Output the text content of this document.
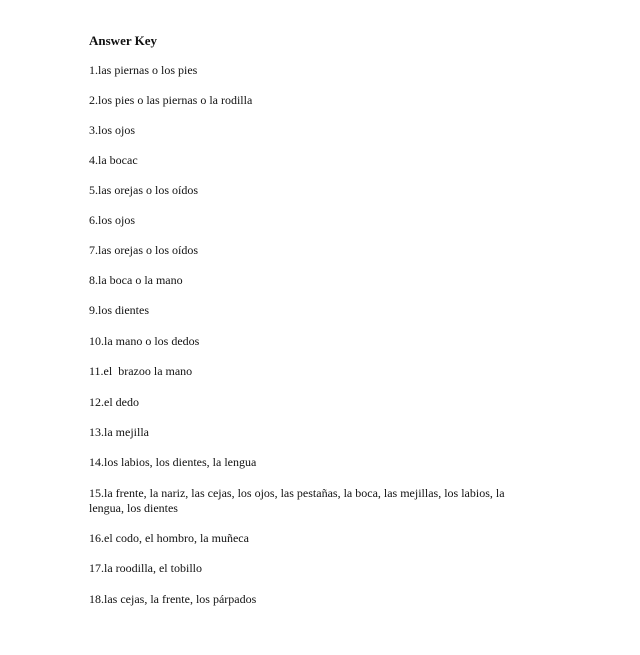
Answer Key
1.las piernas o los pies
2.los pies o las piernas o la rodilla
3.los ojos
4.la bocac
5.las orejas o los oídos
6.los ojos
7.las orejas o los oídos
8.la boca o la mano
9.los dientes
10.la mano o los dedos
11.el  brazoo la mano
12.el dedo
13.la mejilla
14.los labios, los dientes, la lengua
15.la frente, la nariz, las cejas, los ojos, las pestañas, la boca, las mejillas, los labios, la lengua, los dientes
16.el codo, el hombro, la muñeca
17.la roodilla, el tobillo
18.las cejas, la frente, los párpados
